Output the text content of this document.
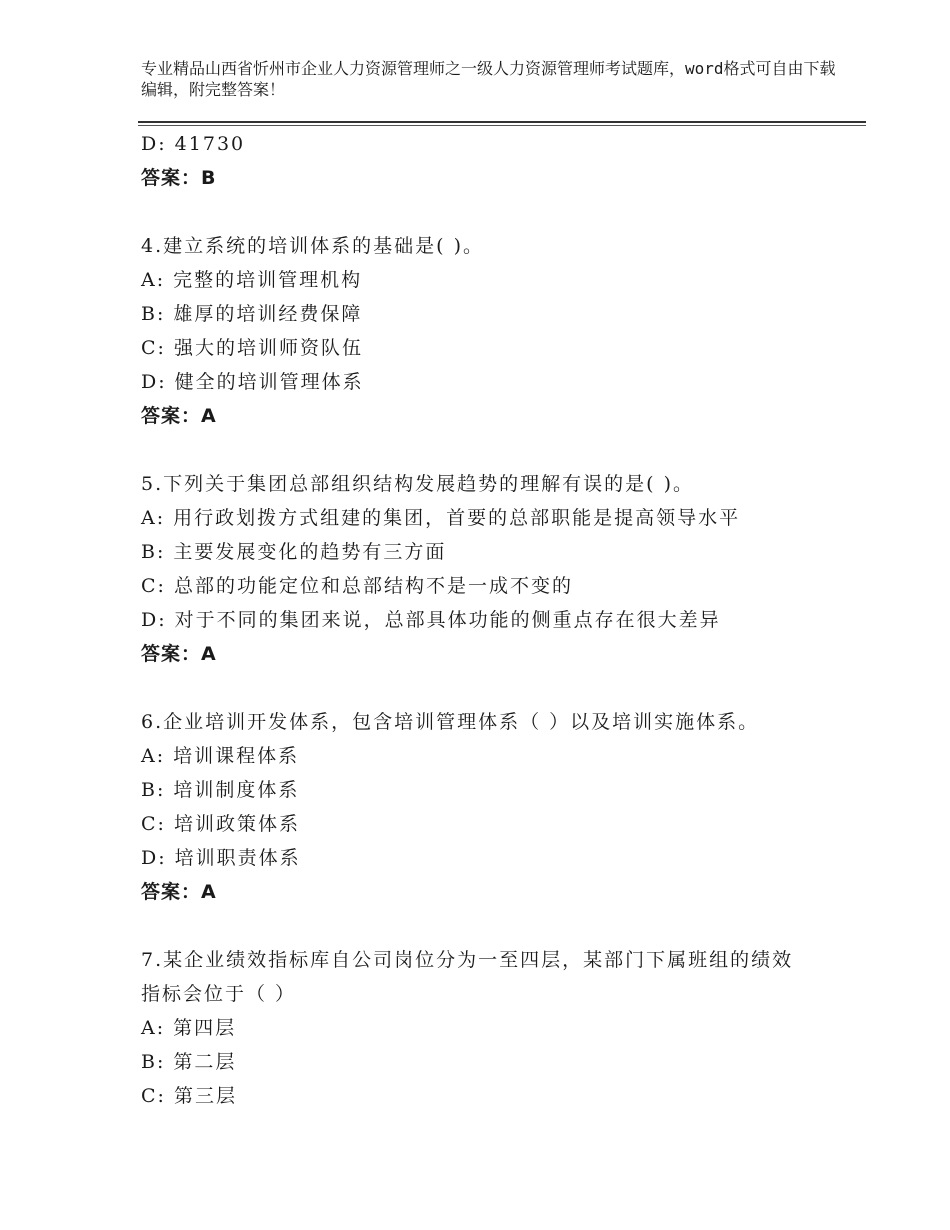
专业精品山西省忻州市企业人力资源管理师之一级人力资源管理师考试题库，word格式可自由下载编辑，附完整答案！
D: 41730
答案：B
4.建立系统的培训体系的基础是( )。
A: 完整的培训管理机构
B: 雄厚的培训经费保障
C: 强大的培训师资队伍
D: 健全的培训管理体系
答案：A
5.下列关于集团总部组织结构发展趋势的理解有误的是( )。
A: 用行政划拨方式组建的集团，首要的总部职能是提高领导水平
B: 主要发展变化的趋势有三方面
C: 总部的功能定位和总部结构不是一成不变的
D: 对于不同的集团来说，总部具体功能的侧重点存在很大差异
答案：A
6.企业培训开发体系，包含培训管理体系（ ）以及培训实施体系。
A: 培训课程体系
B: 培训制度体系
C: 培训政策体系
D: 培训职责体系
答案：A
7.某企业绩效指标库自公司岗位分为一至四层，某部门下属班组的绩效指标会位于（ ）
A: 第四层
B: 第二层
C: 第三层
